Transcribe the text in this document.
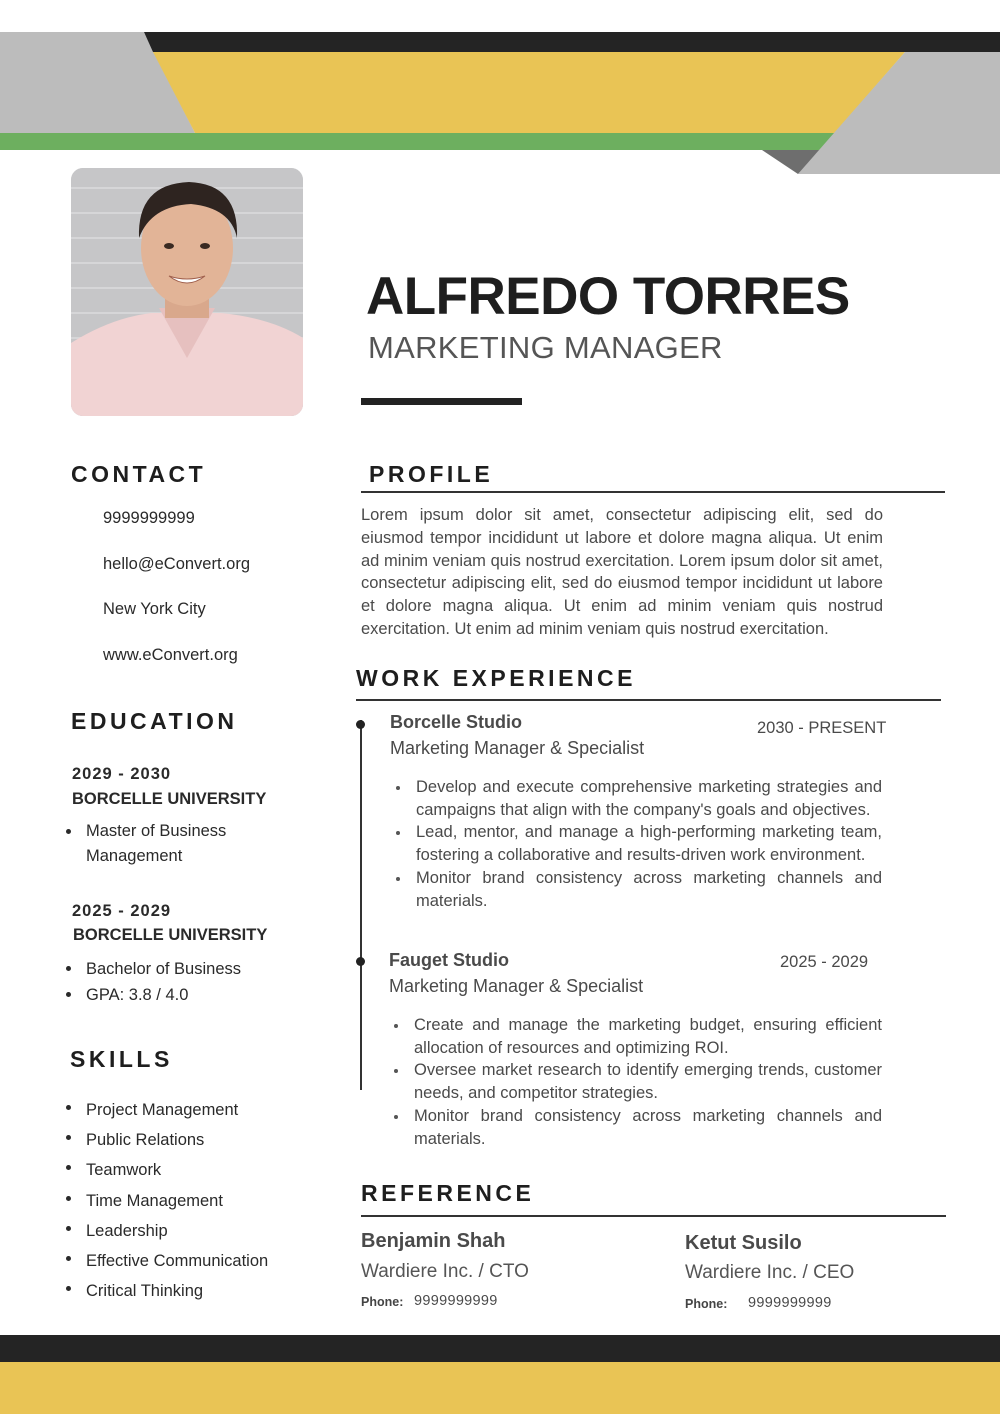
ALFREDO TORRES
MARKETING MANAGER
CONTACT
9999999999
hello@eConvert.org
New York City
www.eConvert.org
EDUCATION
2029 - 2030
BORCELLE UNIVERSITY
Master of Business Management
2025 - 2029
BORCELLE UNIVERSITY
Bachelor of Business
GPA: 3.8 / 4.0
SKILLS
Project Management
Public Relations
Teamwork
Time Management
Leadership
Effective Communication
Critical Thinking
PROFILE
Lorem ipsum dolor sit amet, consectetur adipiscing elit, sed do eiusmod tempor incididunt ut labore et dolore magna aliqua. Ut enim ad minim veniam quis nostrud exercitation. Lorem ipsum dolor sit amet, consectetur adipiscing elit, sed do eiusmod tempor incididunt ut labore et dolore magna aliqua. Ut enim ad minim veniam quis nostrud exercitation. Ut enim ad minim veniam quis nostrud exercitation.
WORK EXPERIENCE
Borcelle Studio
Marketing Manager & Specialist
2030 - PRESENT
Develop and execute comprehensive marketing strategies and campaigns that align with the company's goals and objectives.
Lead, mentor, and manage a high-performing marketing team, fostering a collaborative and results-driven work environment.
Monitor brand consistency across marketing channels and materials.
Fauget Studio
Marketing Manager & Specialist
2025 - 2029
Create and manage the marketing budget, ensuring efficient allocation of resources and optimizing ROI.
Oversee market research to identify emerging trends, customer needs, and competitor strategies.
Monitor brand consistency across marketing channels and materials.
REFERENCE
Benjamin Shah
Wardiere Inc. / CTO
Phone: 9999999999
Ketut Susilo
Wardiere Inc. / CEO
Phone: 9999999999
